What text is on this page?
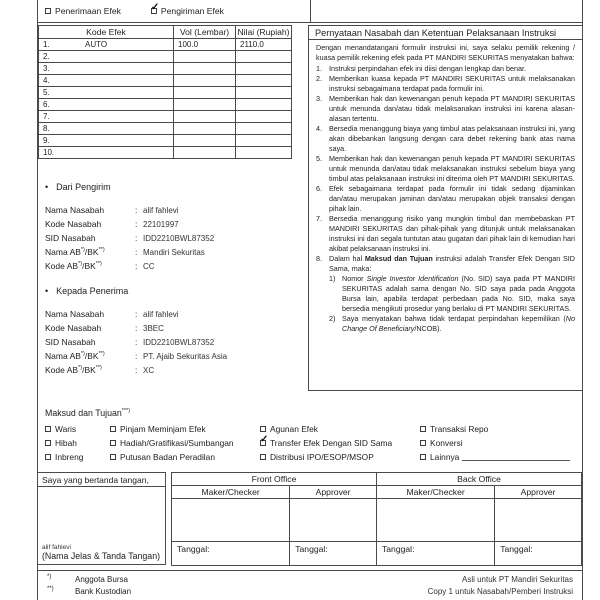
Penerimaan Efek ✓	Pengiriman Efek
Kode Efek	Vol (Lembar)	Nilai (Rupiah)

1. AUTO	100.0	2110.0

2.		

3.		

4.		

5.		

6.		

7.		

8.		

9.		

10.		

• Dari Pengirim
Nama Nasabah	: alif fahlevi
Kode Nasabah	: 22101997
SID Nasabah	: IDD2210BWL87352
Nama AB*)/BK**)	: Mandiri Sekuritas
Kode AB*)/BK**)	: CC
• Kepada Penerima
Nama Nasabah	: alif fahlevi
Kode Nasabah	: 3BEC
SID Nasabah	: IDD2210BWL87352
Nama AB*)/BK**)	: PT. Ajaib Sekuritas Asia
Kode AB*)/BK**)	: XC
Pernyataan Nasabah dan Ketentuan Pelaksanaan Instruksi
Dengan menandatangani formulir instruksi ini, saya selaku pemilik rekening / kuasa pemilik rekening efek pada PT MANDIRI SEKURITAS menyatakan bahwa:
1. Instruksi perpindahan efek ini diisi dengan lengkap dan benar.
2. Memberikan kuasa kepada PT MANDIRI SEKURITAS untuk melaksanakan instruksi sebagaimana terdapat pada formulir ini.
3. Memberikan hak dan kewenangan penuh kepada PT MANDIRI SEKURITAS untuk menunda dan/atau tidak melaksanakan instruksi ini karena alasan-alasan tertentu.
4. Bersedia menanggung biaya yang timbul atas pelaksanaan instruksi ini, yang akan dibebankan langsung dengan cara debet rekening bank atas nama saya.
5. Memberikan hak dan kewenangan penuh kepada PT MANDIRI SEKURITAS untuk menunda dan/atau tidak melaksanakan instruksi sebelum biaya yang timbul atas pelaksanaan instruksi ini diterima oleh PT MANDIRI SEKURITAS.
6. Efek sebagaimana terdapat pada formulir ini tidak sedang dijaminkan dan/atau merupakan jaminan dan/atau merupakan objek transaksi dengan pihak lain.
7. Bersedia menanggung risiko yang mungkin timbul dan membebaskan PT MANDIRI SEKURITAS dan pihak-pihak yang ditunjuk untuk melaksanakan instruksi ini dari segala tuntutan atau gugatan dari pihak lain di kemudian hari akibat pelaksanaan instruksi ini.
8. Dalam hal Maksud dan Tujuan instruksi adalah Transfer Efek Dengan SID Sama, maka:
1) Nomor Single Investor Identification (No. SID) saya pada PT MANDIRI SEKURITAS adalah sama dengan No. SID saya pada pada Anggota Bursa lain, apabila terdapat perbedaan pada No. SID, maka saya bersedia mengikuti prosedur yang berlaku di PT MANDIRI SEKURITAS.
2) Saya menyatakan bahwa tidak terdapat perpindahan kepemilikan (No Change Of Beneficiary/NCOB).
Maksud dan Tujuan***)
Waris	Pinjam Meminjam Efek	Agunan Efek	Transaksi Repo
Hibah	Hadiah/Gratifikasi/Sumbangan ✓	Transfer Efek Dengan SID Sama	Konversi
Inbreng	Putusan Badan Peradilan	Distribusi IPO/ESOP/MSOP	Lainnya
Saya yang bertanda tangan,
alif fahlevi
(Nama Jelas & Tanda Tangan)
Front Office		Back Office	
Maker/Checker	Approver	Maker/Checker	Approver

Tanggal:	Tanggal:	Tanggal:	Tanggal:
*)	Anggota Bursa	Asli untuk PT Mandiri Sekuritas
**)	Bank Kustodian	Copy 1 untuk Nasabah/Pemberi Instruksi
